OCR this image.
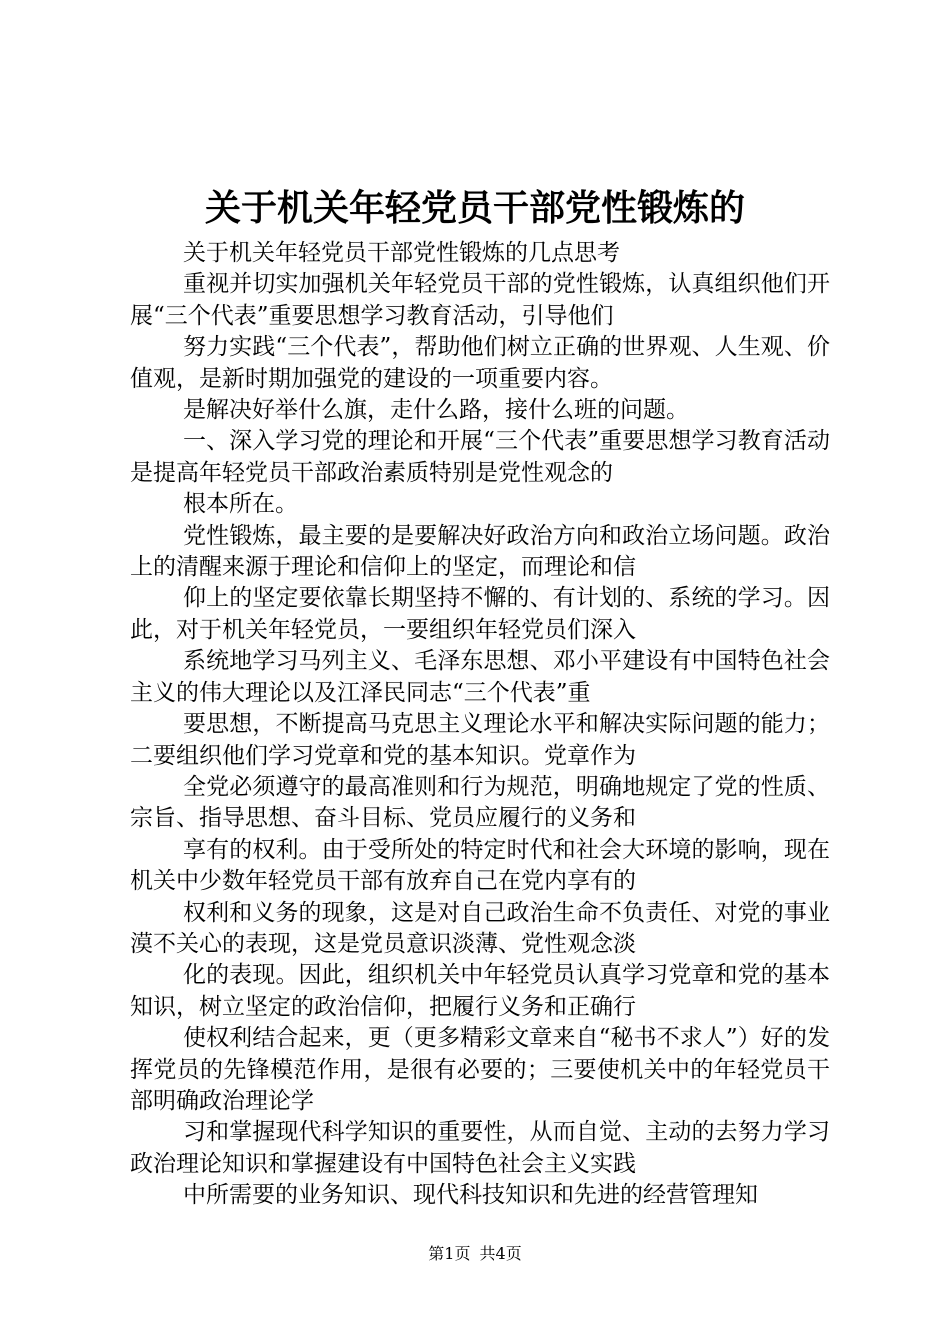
关于机关年轻党员干部党性锻炼的

关于机关年轻党员干部党性锻炼的几点思考

重视并切实加强机关年轻党员干部的党性锻炼，认真组织他们开展“三个代表”重要思想学习教育活动，引导他们

努力实践“三个代表”，帮助他们树立正确的世界观、人生观、价值观，是新时期加强党的建设的一项重要内容。

是解决好举什么旗，走什么路，接什么班的问题。

一、深入学习党的理论和开展“三个代表”重要思想学习教育活动是提高年轻党员干部政治素质特别是党性观念的

根本所在。

党性锻炼，最主要的是要解决好政治方向和政治立场问题。政治上的清醒来源于理论和信仰上的坚定，而理论和信

仰上的坚定要依靠长期坚持不懈的、有计划的、系统的学习。因此，对于机关年轻党员，一要组织年轻党员们深入

系统地学习马列主义、毛泽东思想、邓小平建设有中国特色社会主义的伟大理论以及江泽民同志“三个代表”重

要思想，不断提高马克思主义理论水平和解决实际问题的能力；二要组织他们学习党章和党的基本知识。党章作为

全党必须遵守的最高准则和行为规范，明确地规定了党的性质、宗旨、指导思想、奋斗目标、党员应履行的义务和

享有的权利。由于受所处的特定时代和社会大环境的影响，现在机关中少数年轻党员干部有放弃自己在党内享有的

权利和义务的现象，这是对自己政治生命不负责任、对党的事业漠不关心的表现，这是党员意识淡薄、党性观念淡

化的表现。因此，组织机关中年轻党员认真学习党章和党的基本知识，树立坚定的政治信仰，把履行义务和正确行

使权利结合起来，更（更多精彩文章来自“秘书不求人”）好的发挥党员的先锋模范作用，是很有必要的；三要使机关中的年轻党员干部明确政治理论学

习和掌握现代科学知识的重要性，从而自觉、主动的去努力学习政治理论知识和掌握建设有中国特色社会主义实践

中所需要的业务知识、现代科技知识和先进的经营管理知

第1页 共4页
